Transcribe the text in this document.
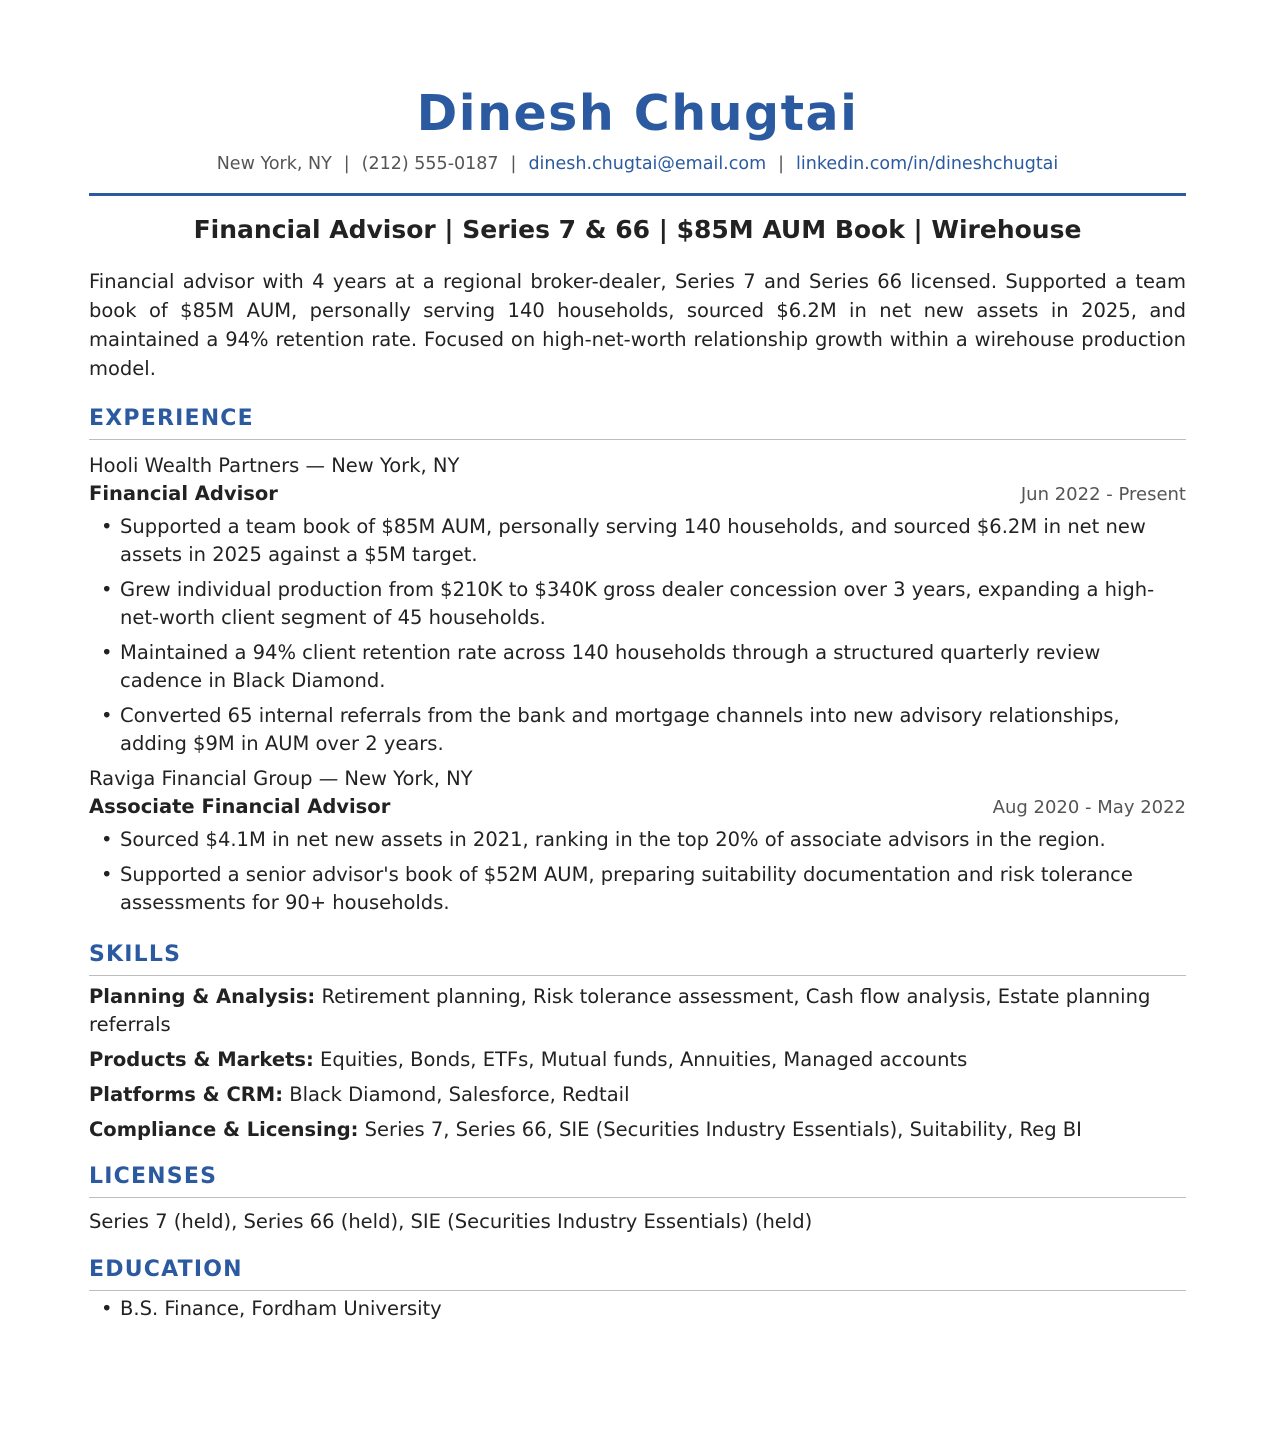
Dinesh Chugtai
New York, NY | (212) 555-0187 | dinesh.chugtai@email.com | linkedin.com/in/dineshchugtai
Financial Advisor | Series 7 & 66 | $85M AUM Book | Wirehouse

Financial advisor with 4 years at a regional broker-dealer, Series 7 and Series 66 licensed. Supported a team book of $85M AUM, personally serving 140 households, sourced $6.2M in net new assets in 2025, and maintained a 94% retention rate. Focused on high-net-worth relationship growth within a wirehouse production model.

EXPERIENCE
Hooli Wealth Partners — New York, NY
Financial Advisor	Jun 2022 - Present
• Supported a team book of $85M AUM, personally serving 140 households, and sourced $6.2M in net new assets in 2025 against a $5M target.
• Grew individual production from $210K to $340K gross dealer concession over 3 years, expanding a high-net-worth client segment of 45 households.
• Maintained a 94% client retention rate across 140 households through a structured quarterly review cadence in Black Diamond.
• Converted 65 internal referrals from the bank and mortgage channels into new advisory relationships, adding $9M in AUM over 2 years.
Raviga Financial Group — New York, NY
Associate Financial Advisor	Aug 2020 - May 2022
• Sourced $4.1M in net new assets in 2021, ranking in the top 20% of associate advisors in the region.
• Supported a senior advisor's book of $52M AUM, preparing suitability documentation and risk tolerance assessments for 90+ households.
SKILLS
Planning & Analysis: Retirement planning, Risk tolerance assessment, Cash flow analysis, Estate planning referrals
Products & Markets: Equities, Bonds, ETFs, Mutual funds, Annuities, Managed accounts
Platforms & CRM: Black Diamond, Salesforce, Redtail
Compliance & Licensing: Series 7, Series 66, SIE (Securities Industry Essentials), Suitability, Reg BI
LICENSES
Series 7 (held), Series 66 (held), SIE (Securities Industry Essentials) (held)
EDUCATION
• B.S. Finance, Fordham University
